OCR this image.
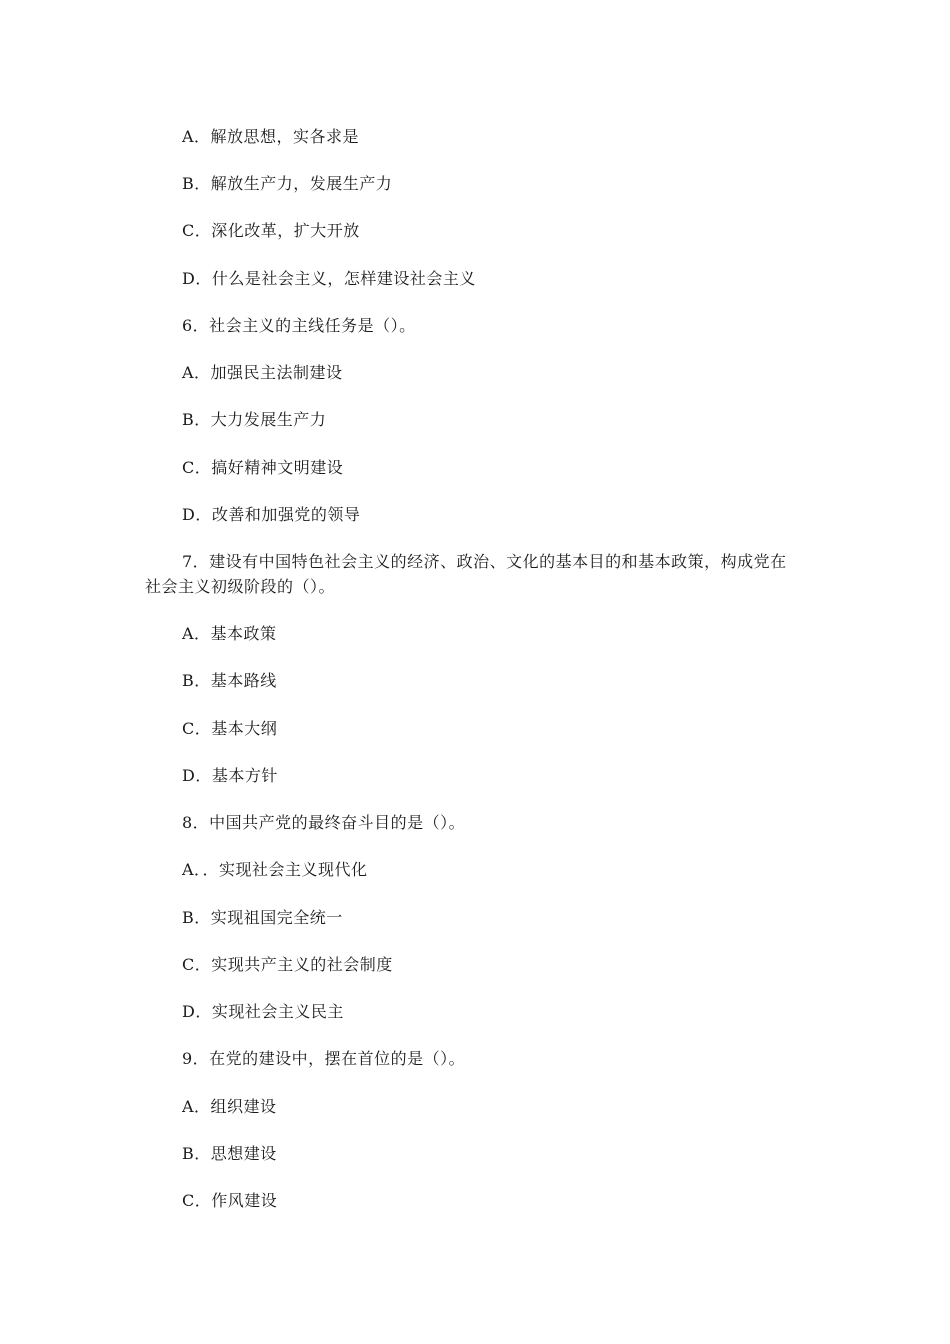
A．解放思想，实各求是
B．解放生产力，发展生产力
C．深化改革，扩大开放
D．什么是社会主义，怎样建设社会主义
6．社会主义的主线任务是（）。
A．加强民主法制建设
B．大力发展生产力
C．搞好精神文明建设
D．改善和加强党的领导
7．建设有中国特色社会主义的经济、政治、文化的基本目的和基本政策，构成党在
社会主义初级阶段的（）。
A．基本政策
B．基本路线
C．基本大纲
D．基本方针
8．中国共产党的最终奋斗目的是（）。
A．．实现社会主义现代化
B．实现祖国完全统一
C．实现共产主义的社会制度
D．实现社会主义民主
9．在党的建设中，摆在首位的是（）。
A．组织建设
B．思想建设
C．作风建设
